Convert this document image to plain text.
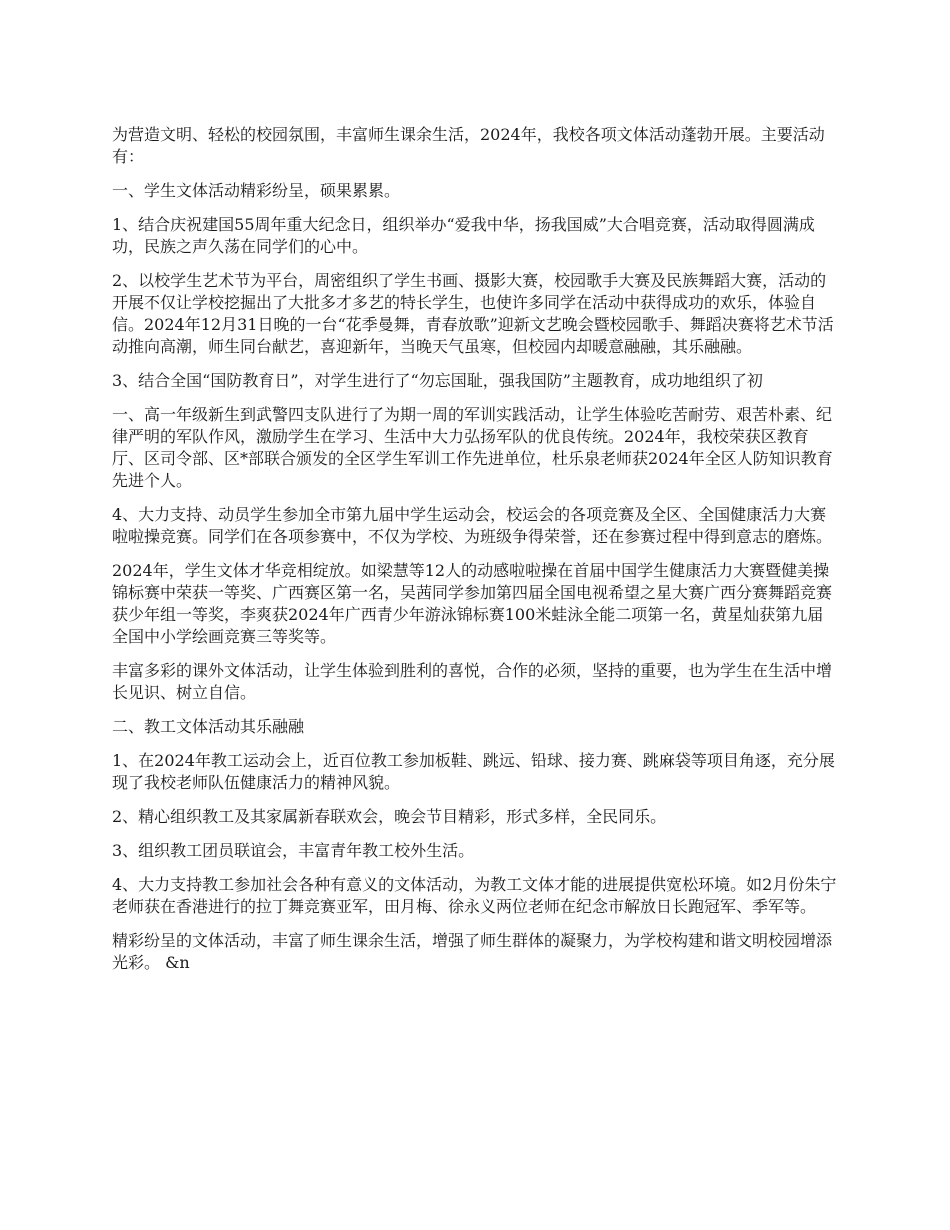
为营造文明、轻松的校园氛围，丰富师生课余生活，2024年，我校各项文体活动蓬勃开展。主要活动有：

一、学生文体活动精彩纷呈，硕果累累。

1、结合庆祝建国55周年重大纪念日，组织举办“爱我中华，扬我国威”大合唱竞赛，活动取得圆满成功，民族之声久荡在同学们的心中。

2、以校学生艺术节为平台，周密组织了学生书画、摄影大赛，校园歌手大赛及民族舞蹈大赛，活动的开展不仅让学校挖掘出了大批多才多艺的特长学生，也使许多同学在活动中获得成功的欢乐，体验自信。2024年12月31日晚的一台“花季曼舞，青春放歌”迎新文艺晚会暨校园歌手、舞蹈决赛将艺术节活动推向高潮，师生同台献艺，喜迎新年，当晚天气虽寒，但校园内却暖意融融，其乐融融。

3、结合全国“国防教育日”，对学生进行了“勿忘国耻，强我国防”主题教育，成功地组织了初

一、高一年级新生到武警四支队进行了为期一周的军训实践活动，让学生体验吃苦耐劳、艰苦朴素、纪律严明的军队作风，激励学生在学习、生活中大力弘扬军队的优良传统。2024年，我校荣获区教育厅、区司令部、区*部联合颁发的全区学生军训工作先进单位，杜乐泉老师获2024年全区人防知识教育先进个人。

4、大力支持、动员学生参加全市第九届中学生运动会，校运会的各项竞赛及全区、全国健康活力大赛啦啦操竞赛。同学们在各项参赛中，不仅为学校、为班级争得荣誉，还在参赛过程中得到意志的磨炼。

2024年，学生文体才华竞相绽放。如梁慧等12人的动感啦啦操在首届中国学生健康活力大赛暨健美操锦标赛中荣获一等奖、广西赛区第一名，吴茜同学参加第四届全国电视希望之星大赛广西分赛舞蹈竞赛获少年组一等奖，李爽获2024年广西青少年游泳锦标赛100米蛙泳全能二项第一名，黄星灿获第九届全国中小学绘画竞赛三等奖等。

丰富多彩的课外文体活动，让学生体验到胜利的喜悦，合作的必须，坚持的重要，也为学生在生活中增长见识、树立自信。

二、教工文体活动其乐融融

1、在2024年教工运动会上，近百位教工参加板鞋、跳远、铅球、接力赛、跳麻袋等项目角逐，充分展现了我校老师队伍健康活力的精神风貌。

2、精心组织教工及其家属新春联欢会，晚会节目精彩，形式多样，全民同乐。

3、组织教工团员联谊会，丰富青年教工校外生活。

4、大力支持教工参加社会各种有意义的文体活动，为教工文体才能的进展提供宽松环境。如2月份朱宁老师获在香港进行的拉丁舞竞赛亚军，田月梅、徐永义两位老师在纪念市解放日长跑冠军、季军等。

精彩纷呈的文体活动，丰富了师生课余生活，增强了师生群体的凝聚力，为学校构建和谐文明校园增添光彩。 &n
